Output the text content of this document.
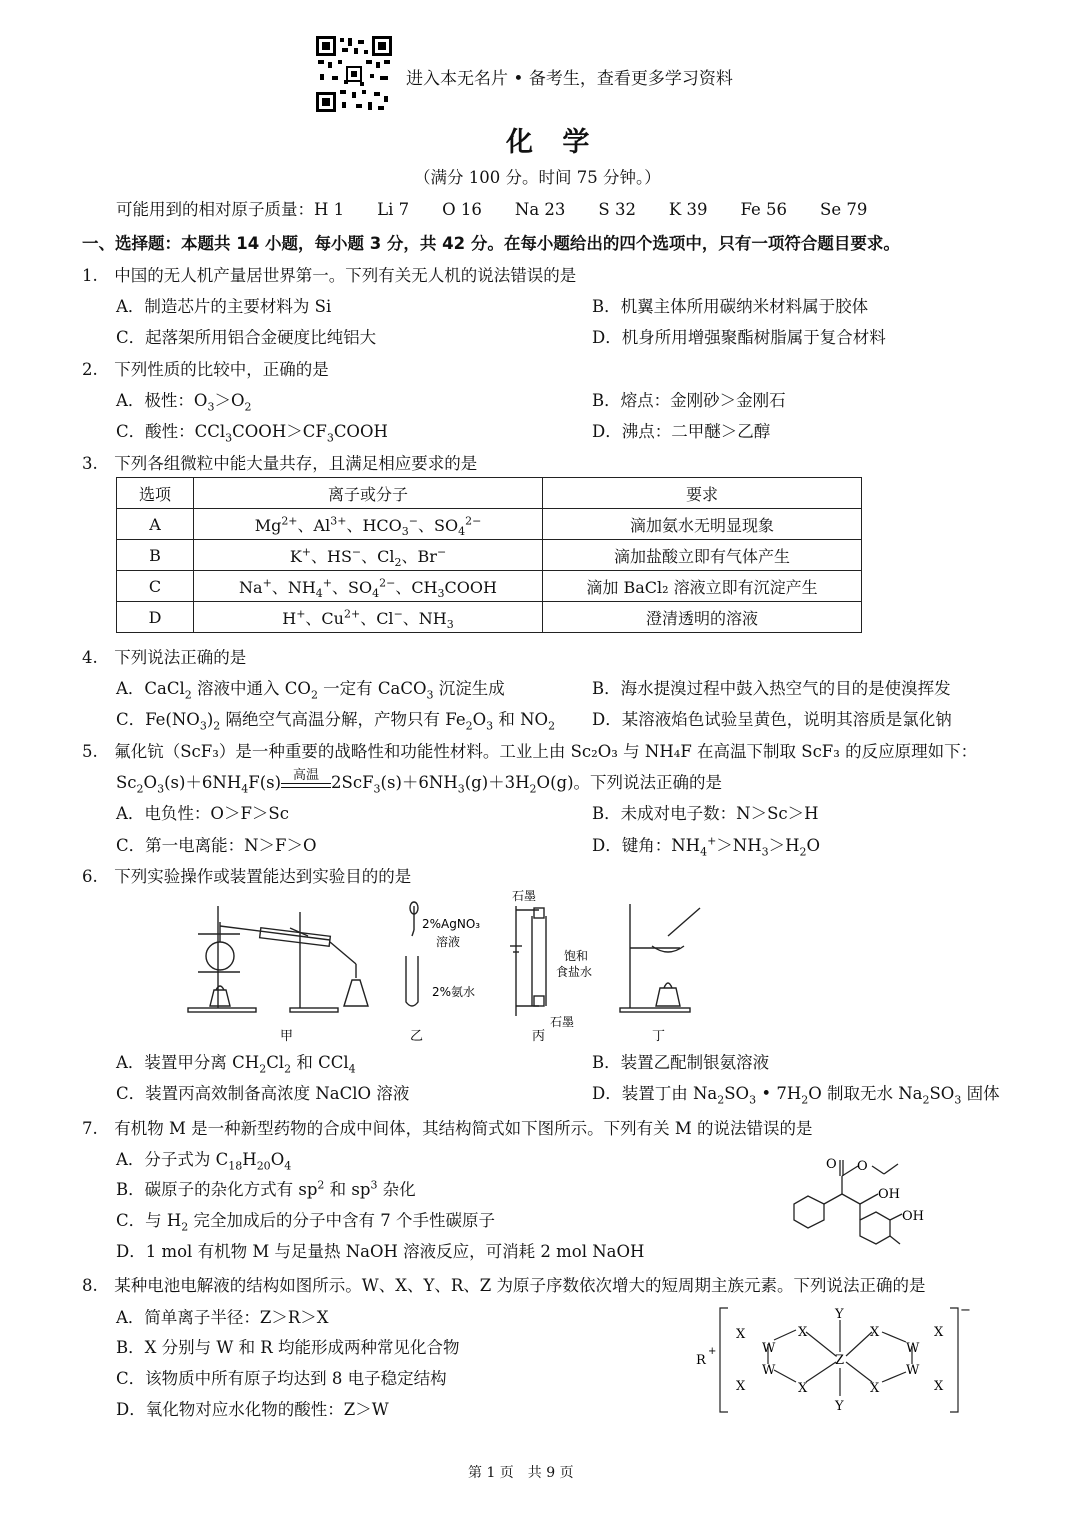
进入本无名片 • 备考生，查看更多学习资料
化 学
（满分 100 分。时间 75 分钟。）
可能用到的相对原子质量：H 1　　Li 7　　O 16　　Na 23　　S 32　　K 39　　Fe 56　　Se 79
一、选择题：本题共 14 小题，每小题 3 分，共 42 分。在每小题给出的四个选项中，只有一项符合题目要求。
1.　中国的无人机产量居世界第一。下列有关无人机的说法错误的是
A．制造芯片的主要材料为 Si	B．机翼主体所用碳纳米材料属于胶体
C．起落架所用铝合金硬度比纯铝大	D．机身所用增强聚酯树脂属于复合材料
2.　下列性质的比较中，正确的是
A．极性：$O_3>O_2$	B．熔点：金刚砂＞金刚石
C．酸性：$CCl_3COOH>CF_3COOH$	D．沸点：二甲醚＞乙醇
3.　下列各组微粒中能大量共存，且满足相应要求的是
选项	离子或分子	要求
A	$Mg^{2+}$、$Al^{3+}$、$HCO_3^-$、$SO_4^{2-}$	滴加氨水无明显现象
B	K+、HS−、$Cl_2$、Br−	滴加盐酸立即有气体产生
C	Na+、$NH_4^+$、$SO_4^{2-}$、$CH_3COOH$	滴加 BaCl₂ 溶液立即有沉淀产生
D	H+、$Cu^{2+}$、Cl−、$NH_3$	澄清透明的溶液
4.　下列说法正确的是
A．CaCl$_2$ 溶液中通入 $CO_2$ 一定有 CaCO$_3$ 沉淀生成	B．海水提溴过程中鼓入热空气的目的是使溴挥发
C．$Fe(NO_3)_2$ 隔绝空气高温分解，产物只有 $Fe_2O_3$ 和 $NO_2$ D．某溶液焰色试验呈黄色，说明其溶质是氯化钠
5.　氟化钪（ScF₃）是一种重要的战略性和功能性材料。工业上由 Sc₂O₃ 与 NH₄F 在高温下制取 ScF₃ 的反应原理如下：
$Sc_2O_3(s)+6NH_4F(s)$ 高温 $2ScF_3(s)+6NH_3(g)+3H_2O(g)$。下列说法正确的是
A．电负性：O＞F＞Sc	B．未成对电子数：N＞Sc＞H
C．第一电离能：N＞F＞O	D．键角：$NH_4^+>NH_3>H_2O$
6.　下列实验操作或装置能达到实验目的的是
2%AgNO₃
溶液
2%氨水
石墨
石墨
饱和
食盐水
甲	乙	丙	丁
A．装置甲分离 $CH_2Cl_2$ 和 CCl$_4$	B．装置乙配制银氨溶液
C．装置丙高效制备高浓度 NaClO 溶液	D．装置丁由 $Na_2SO_3$ • $7H_2O$ 制取无水 $Na_2SO_3$ 固体
7.　有机物 M 是一种新型药物的合成中间体，其结构简式如下图所示。下列有关 M 的说法错误的是
A．分子式为 $C_{18}H_{20}O_4$
B．碳原子的杂化方式有 $sp^2$ 和 $sp^3$ 杂化
C．与 $H_2$ 完全加成后的分子中含有 7 个手性碳原子
D．1 mol 有机物 M 与足量热 NaOH 溶液反应，可消耗 2 mol NaOH
O O
OH
OH
8.　某种电池电解液的结构如图所示。W、X、Y、R、Z 为原子序数依次增大的短周期主族元素。下列说法正确的是
A．简单离子半径：Z＞R＞X
B．X 分别与 W 和 R 均能形成两种常见化合物
C．该物质中所有原子均达到 8 电子稳定结构
D．氧化物对应水化物的酸性：Z＞W
R
+
−
X
W
X
X
W
X
Y
Z
Y
X
W
X
X
W
X
第 1 页　共 9 页
